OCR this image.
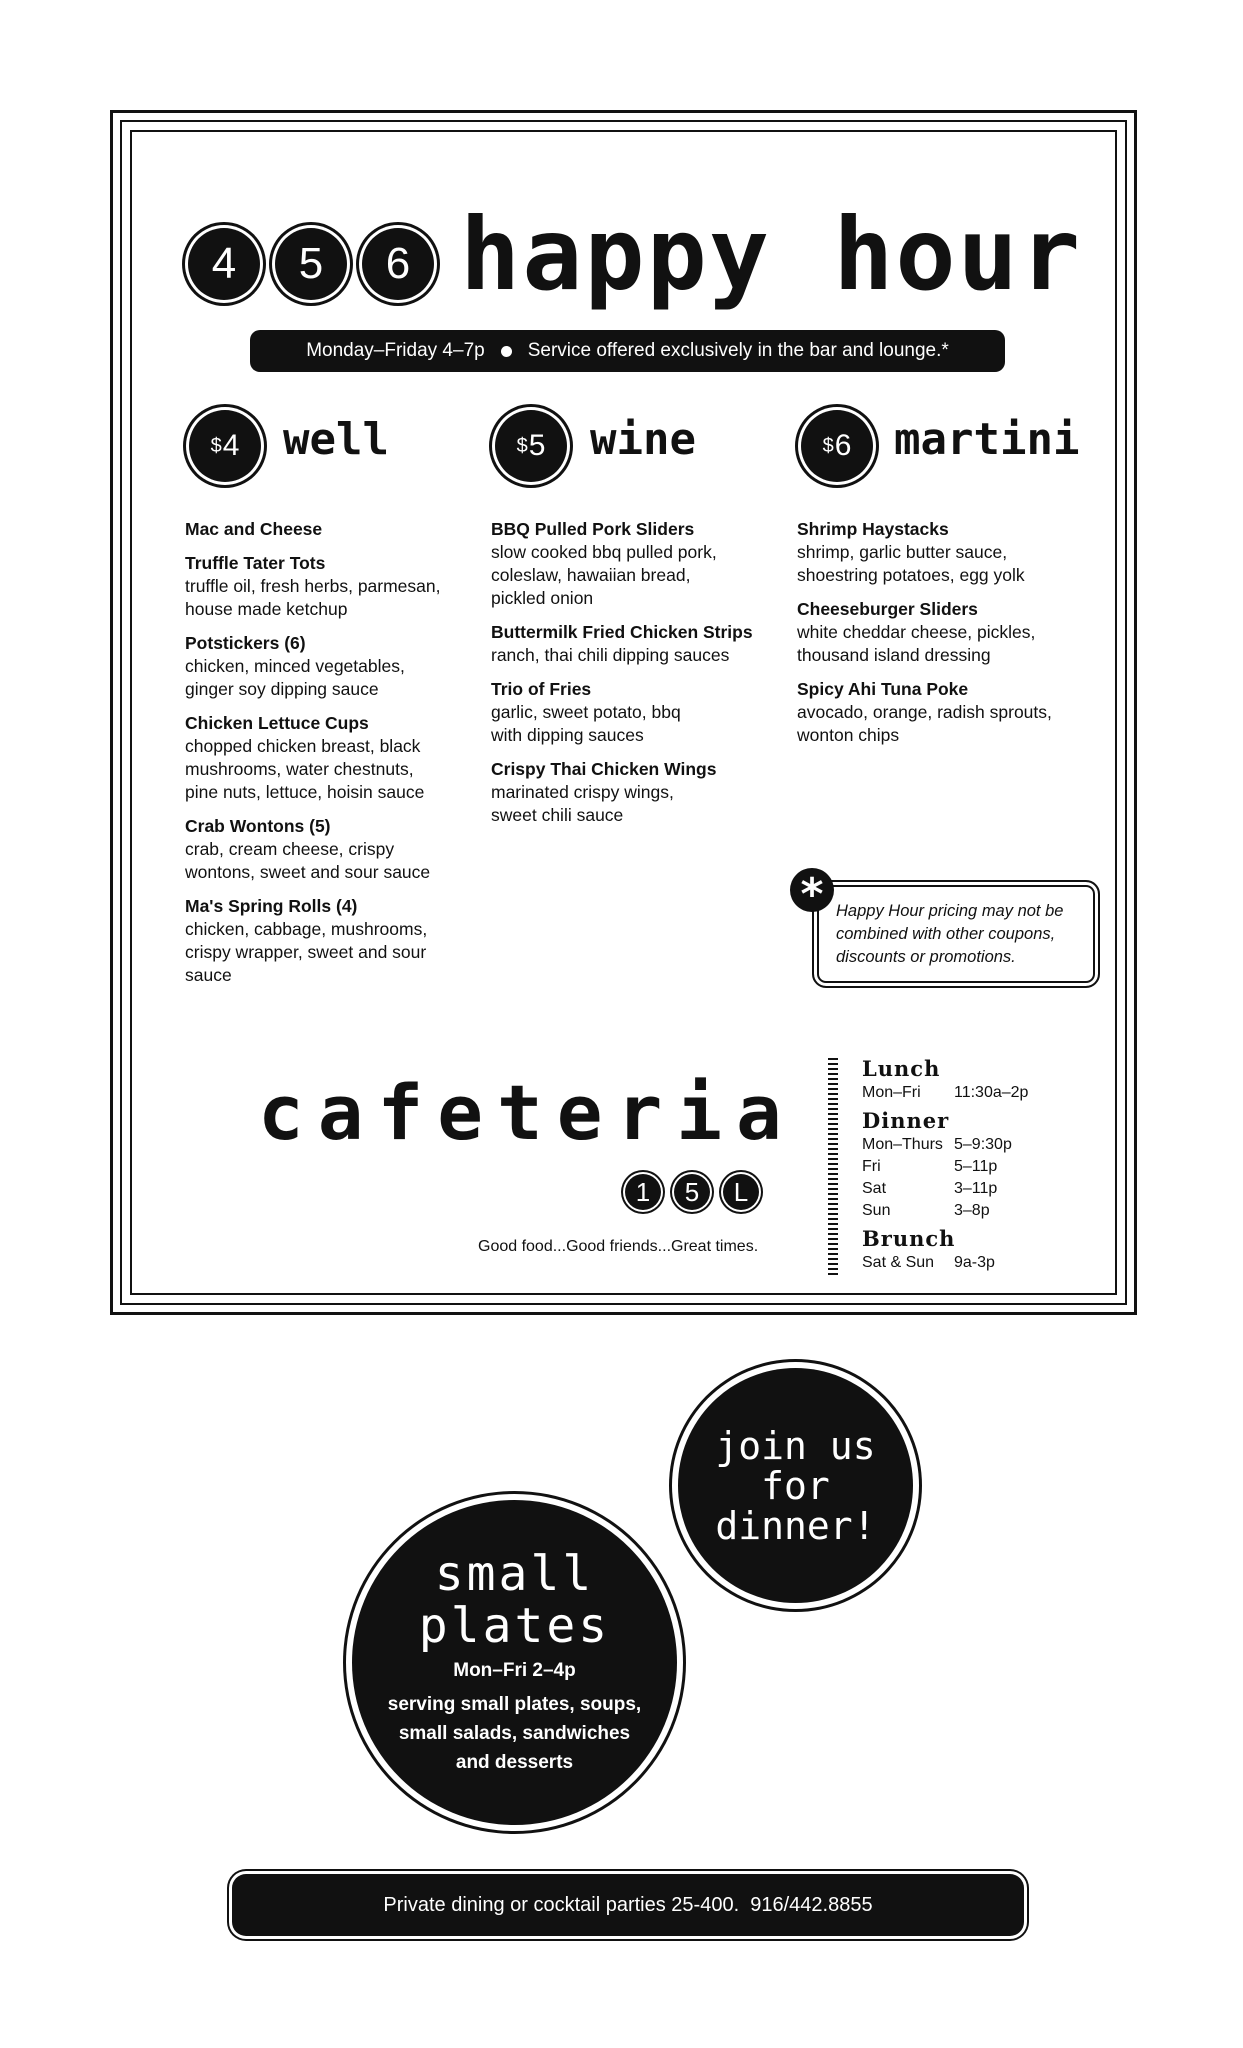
4	5	6 happy hour
Monday–Friday 4–7p Service offered exclusively in the bar and lounge.*
$ 4 well	$ 5 wine	$ 6 martini
Mac and Cheese
Truffle Tater Tots
truffle oil, fresh herbs, parmesan, house made ketchup
Potstickers (6)
chicken, minced vegetables, ginger soy dipping sauce
Chicken Lettuce Cups
chopped chicken breast, black mushrooms, water chestnuts, pine nuts, lettuce, hoisin sauce
Crab Wontons (5)
crab, cream cheese, crispy wontons, sweet and sour sauce
Ma's Spring Rolls (4)
chicken, cabbage, mushrooms, crispy wrapper, sweet and sour sauce
BBQ Pulled Pork Sliders
slow cooked bbq pulled pork, coleslaw, hawaiian bread, pickled onion
Buttermilk Fried Chicken Strips
ranch, thai chili dipping sauces
Trio of Fries
garlic, sweet potato, bbq with dipping sauces
Crispy Thai Chicken Wings
marinated crispy wings, sweet chili sauce
Shrimp Haystacks
shrimp, garlic butter sauce, shoestring potatoes, egg yolk
Cheeseburger Sliders
white cheddar cheese, pickles, thousand island dressing
Spicy Ahi Tuna Poke
avocado, orange, radish sprouts, wonton chips
Happy Hour pricing may not be combined with other coupons, discounts or promotions.
*
cafeteria
1	5	L
Good food...Good friends...Great times.
Lunch
Mon–Fri	11:30a–2p
Dinner
Mon–Thurs 5–9:30p
Fri	5–11p
Sat	3–11p
Sun	3–8p
Brunch
Sat & Sun	9a-3p
join us
for
dinner!
small
plates
Mon–Fri 2–4p
serving small plates, soups,
small salads, sandwiches
and desserts
Private dining or cocktail parties 25-400.  916/442.8855
